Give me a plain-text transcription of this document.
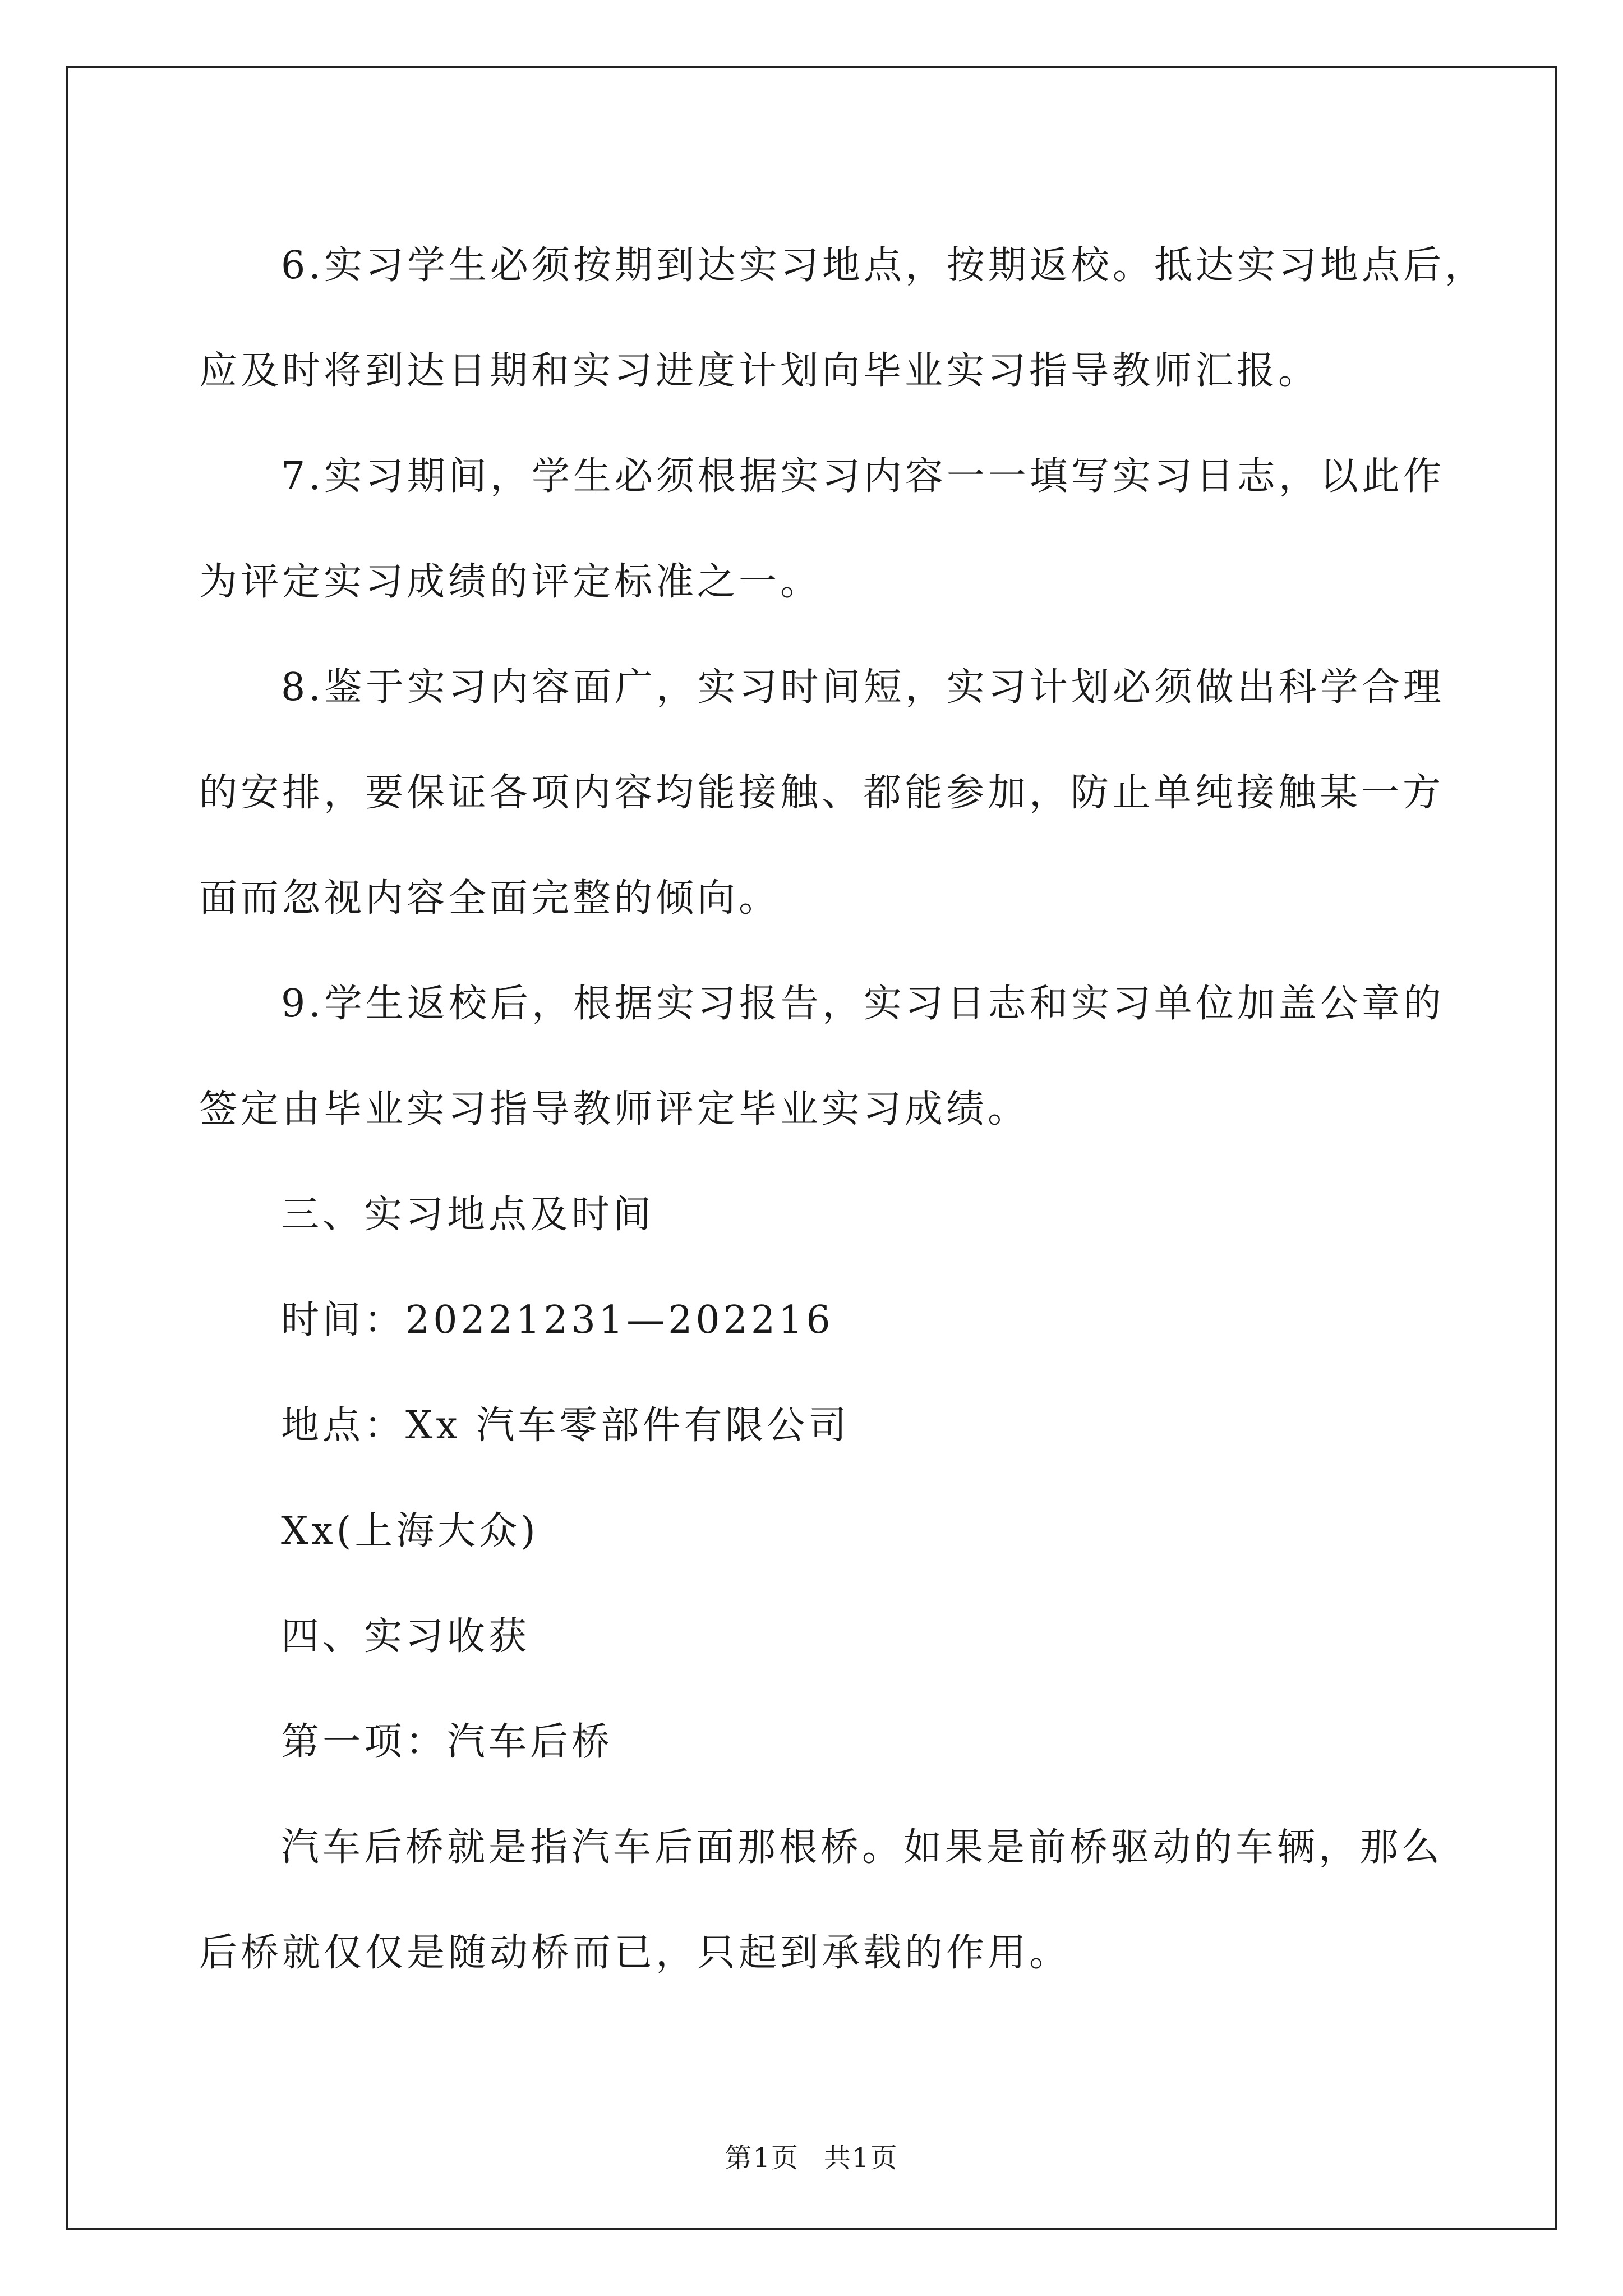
6.实习学生必须按期到达实习地点，按期返校。抵达实习地点后，
应及时将到达日期和实习进度计划向毕业实习指导教师汇报。

7.实习期间，学生必须根据实习内容一一填写实习日志，以此作
为评定实习成绩的评定标准之一。

8.鉴于实习内容面广，实习时间短，实习计划必须做出科学合理
的安排，要保证各项内容均能接触、都能参加，防止单纯接触某一方
面而忽视内容全面完整的倾向。

9.学生返校后，根据实习报告，实习日志和实习单位加盖公章的
签定由毕业实习指导教师评定毕业实习成绩。

三、实习地点及时间

时间：20221231—202216

地点：Xx 汽车零部件有限公司

Xx(上海大众)

四、实习收获

第一项：汽车后桥

汽车后桥就是指汽车后面那根桥。如果是前桥驱动的车辆，那么
后桥就仅仅是随动桥而已，只起到承载的作用。

第1页 共1页
